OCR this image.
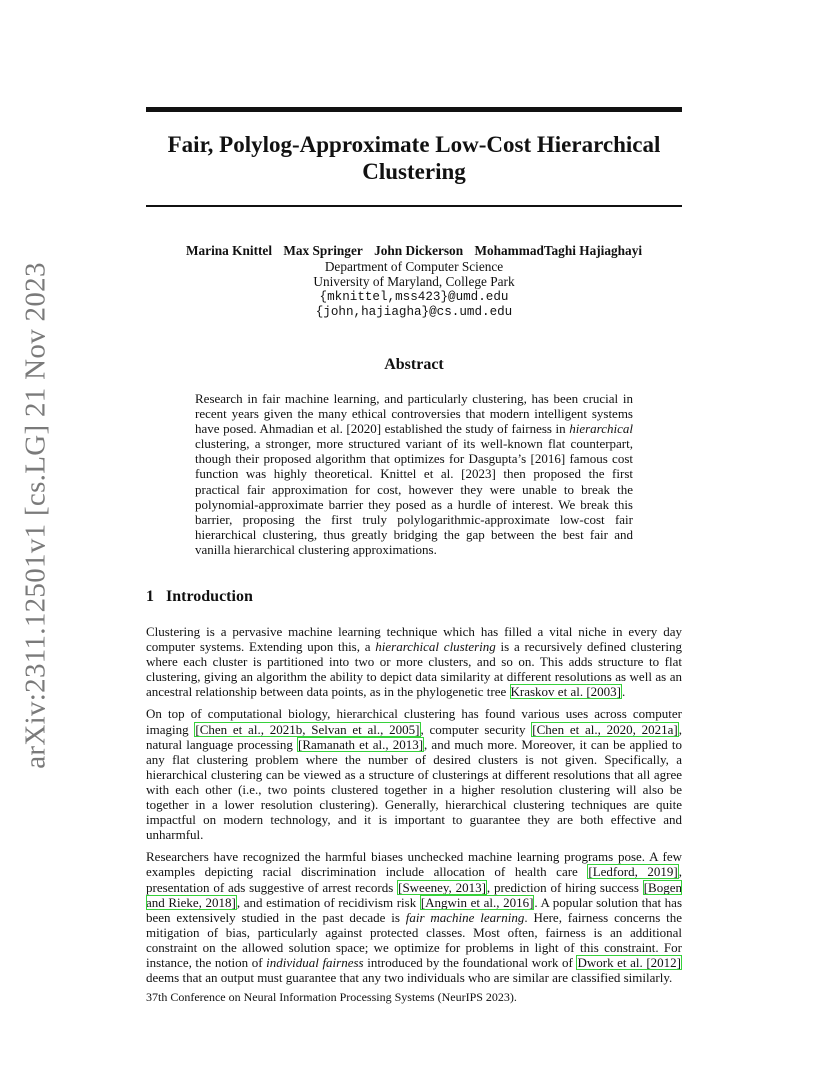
arXiv:2311.12501v1 [cs.LG] 21 Nov 2023
Fair, Polylog-Approximate Low-Cost Hierarchical Clustering
Marina Knittel Max Springer John Dickerson MohammadTaghi Hajiaghayi
Department of Computer Science
University of Maryland, College Park
{mknittel,mss423}@umd.edu
{john,hajiagha}@cs.umd.edu
Abstract

Research in fair machine learning, and particularly clustering, has been crucial in recent years given the many ethical controversies that modern intelligent systems have posed. Ahmadian et al. [2020] established the study of fairness in hierarchical clustering, a stronger, more structured variant of its well-known flat counterpart, though their proposed algorithm that optimizes for Dasgupta’s [2016] famous cost function was highly theoretical. Knittel et al. [2023] then proposed the first practical fair approximation for cost, however they were unable to break the polynomial-approximate barrier they posed as a hurdle of interest. We break this barrier, proposing the first truly polylogarithmic-approximate low-cost fair hierarchical clustering, thus greatly bridging the gap between the best fair and vanilla hierarchical clustering approximations.

1 Introduction

Clustering is a pervasive machine learning technique which has filled a vital niche in every day computer systems. Extending upon this, a hierarchical clustering is a recursively defined clustering where each cluster is partitioned into two or more clusters, and so on. This adds structure to flat clustering, giving an algorithm the ability to depict data similarity at different resolutions as well as an ancestral relationship between data points, as in the phylogenetic tree Kraskov et al. [2003].

On top of computational biology, hierarchical clustering has found various uses across computer imaging [Chen et al., 2021b, Selvan et al., 2005], computer security [Chen et al., 2020, 2021a], natural language processing [Ramanath et al., 2013], and much more. Moreover, it can be applied to any flat clustering problem where the number of desired clusters is not given. Specifically, a hierarchical clustering can be viewed as a structure of clusterings at different resolutions that all agree with each other (i.e., two points clustered together in a higher resolution clustering will also be together in a lower resolution clustering). Generally, hierarchical clustering techniques are quite impactful on modern technology, and it is important to guarantee they are both effective and unharmful.

Researchers have recognized the harmful biases unchecked machine learning programs pose. A few examples depicting racial discrimination include allocation of health care [Ledford, 2019], presentation of ads suggestive of arrest records [Sweeney, 2013], prediction of hiring success [Bogen and Rieke, 2018], and estimation of recidivism risk [Angwin et al., 2016]. A popular solution that has been extensively studied in the past decade is fair machine learning. Here, fairness concerns the mitigation of bias, particularly against protected classes. Most often, fairness is an additional constraint on the allowed solution space; we optimize for problems in light of this constraint. For instance, the notion of individual fairness introduced by the foundational work of Dwork et al. [2012] deems that an output must guarantee that any two individuals who are similar are classified similarly.

37th Conference on Neural Information Processing Systems (NeurIPS 2023).
